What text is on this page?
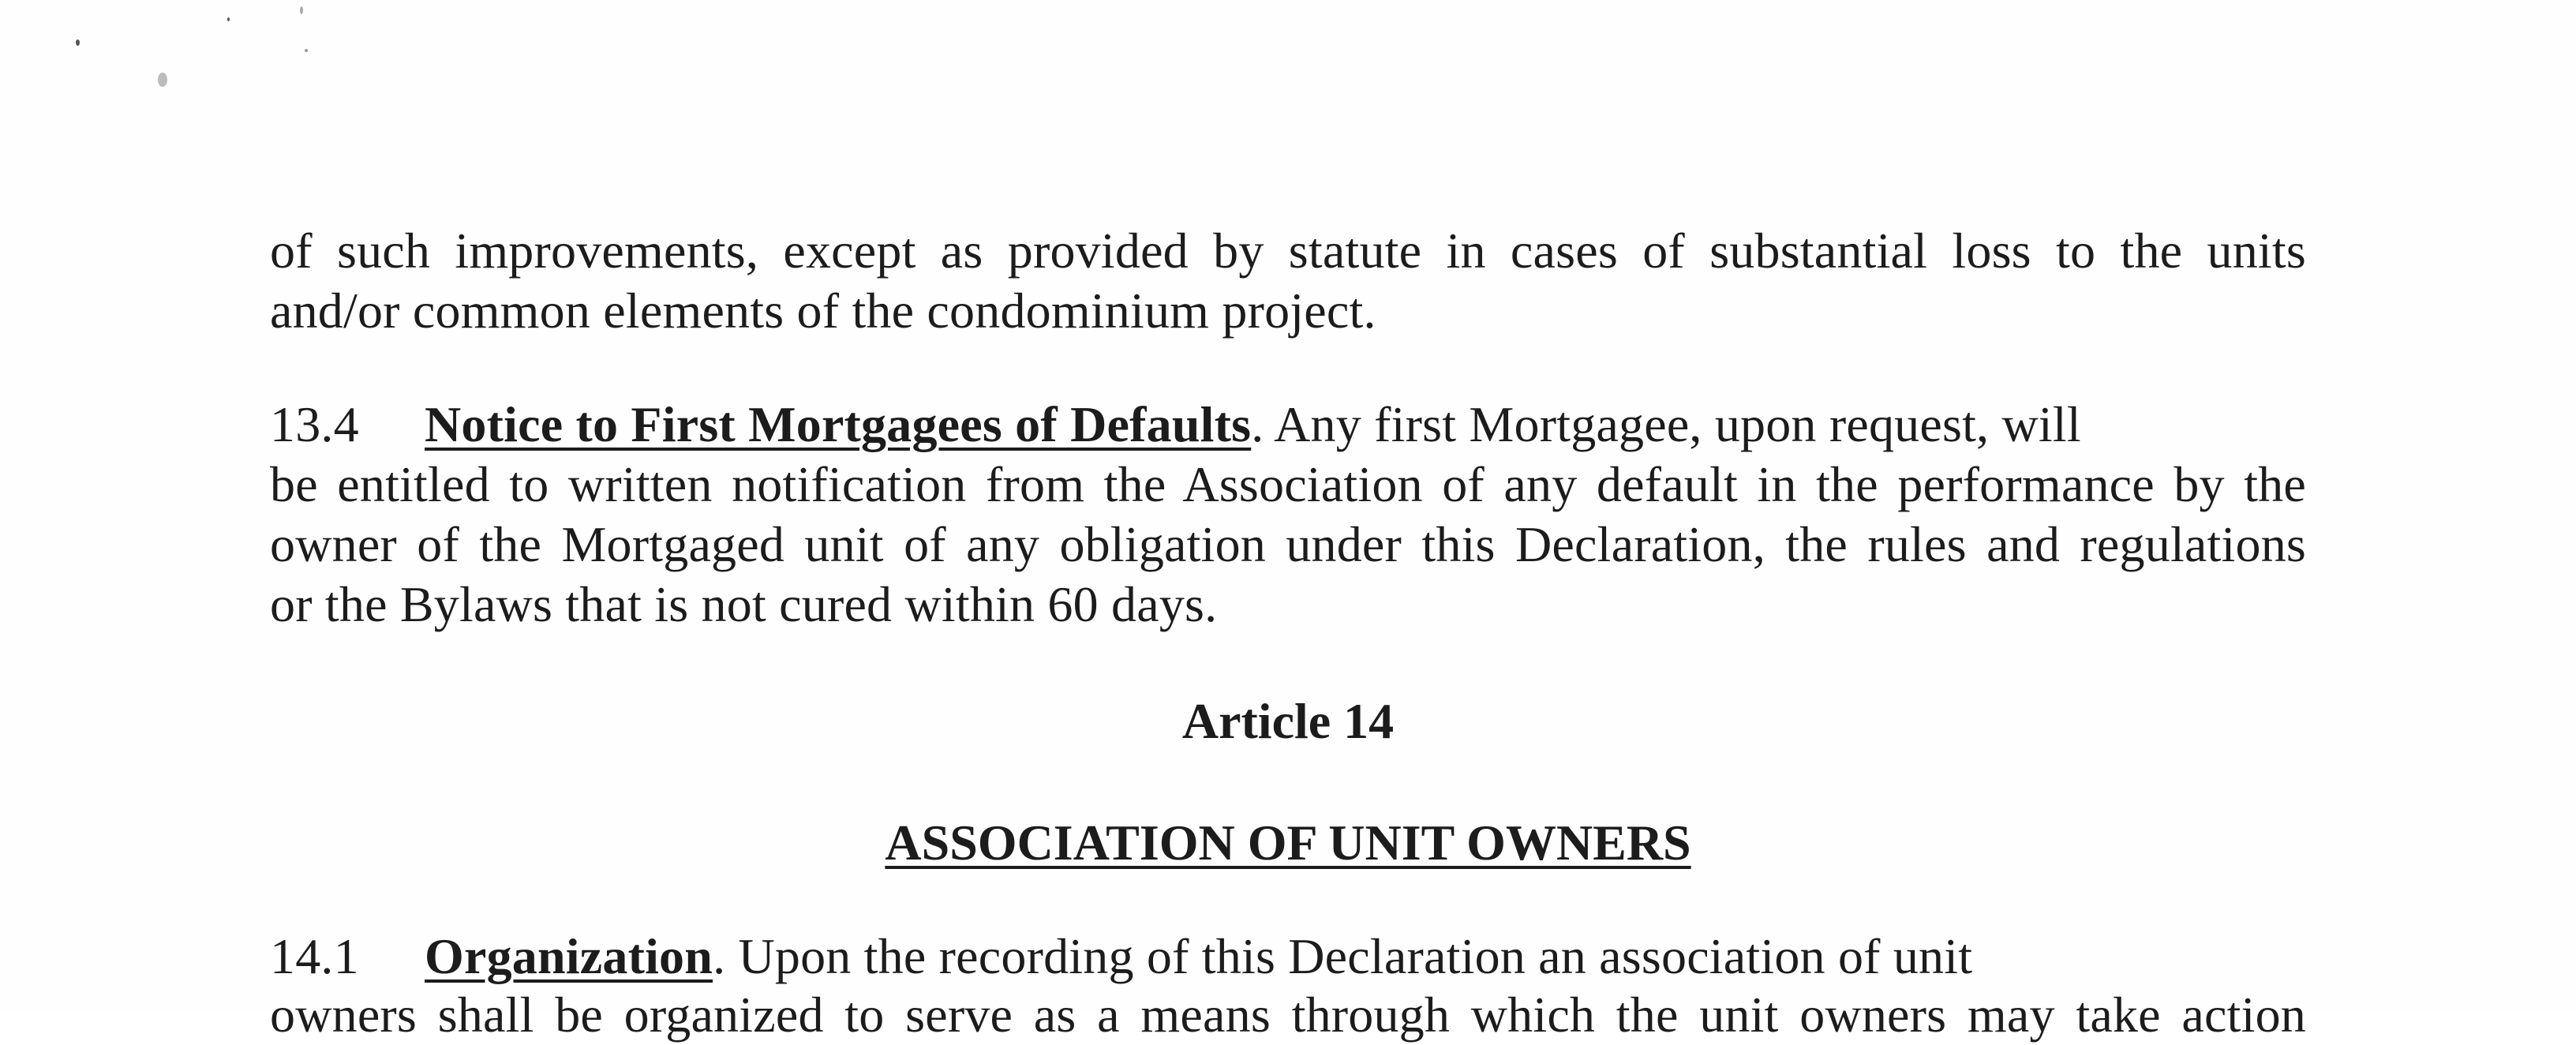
of such improvements, except as provided by statute in cases of substantial loss to the units
and/or common elements of the condominium project.
13.4 Notice to First Mortgagees of Defaults. Any first Mortgagee, upon request, will
be entitled to written notification from the Association of any default in the performance by the
owner of the Mortgaged unit of any obligation under this Declaration, the rules and regulations
or the Bylaws that is not cured within 60 days.
Article 14
ASSOCIATION OF UNIT OWNERS
14.1 Organization. Upon the recording of this Declaration an association of unit
owners shall be organized to serve as a means through which the unit owners may take action
